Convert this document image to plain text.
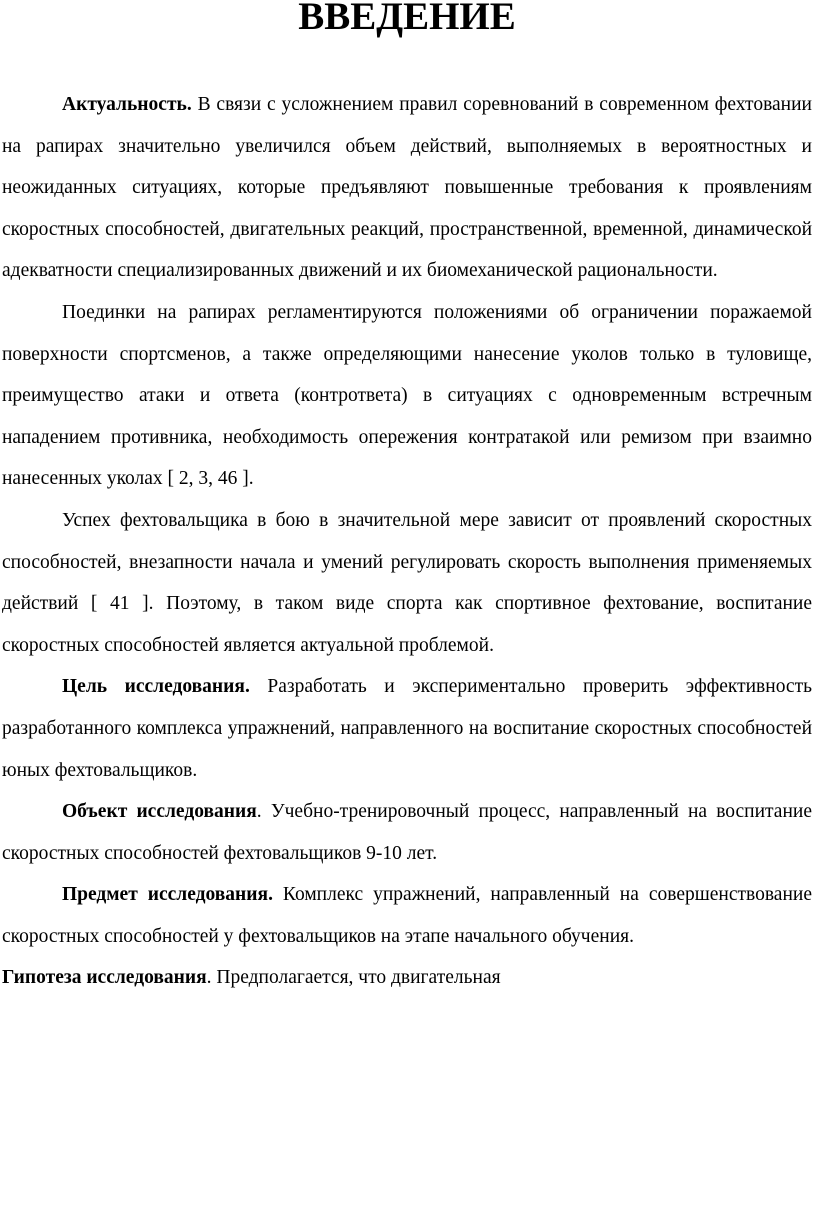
ВВЕДЕНИЕ

Актуальность. В связи с усложнением правил соревнований в современном фехтовании на рапирах значительно увеличился объем действий, выполняемых в вероятностных и неожиданных ситуациях, которые предъявляют повышенные требования к проявлениям скоростных способностей, двигательных реакций, пространственной, временной, динамической адекватности специализированных движений и их биомеханической рациональности.

Поединки на рапирах регламентируются положениями об ограничении поражаемой поверхности спортсменов, а также определяющими нанесение уколов только в туловище, преимущество атаки и ответа (контрответа) в ситуациях с одновременным встречным нападением противника, необходимость опережения контратакой или ремизом при взаимно нанесенных уколах [ 2, 3, 46 ].

Успех фехтовальщика в бою в значительной мере зависит от проявлений скоростных способностей, внезапности начала и умений регулировать скорость выполнения применяемых действий [ 41 ]. Поэтому, в таком виде спорта как спортивное фехтование, воспитание скоростных способностей является актуальной проблемой.

Цель исследования. Разработать и экспериментально проверить эффективность разработанного комплекса упражнений, направленного на воспитание скоростных способностей юных фехтовальщиков.

Объект исследования. Учебно-тренировочный процесс, направленный на воспитание скоростных способностей фехтовальщиков 9-10 лет.

Предмет исследования. Комплекс упражнений, направленный на совершенствование скоростных способностей у фехтовальщиков на этапе начального обучения.

Гипотеза исследования. Предполагается, что двигательная
